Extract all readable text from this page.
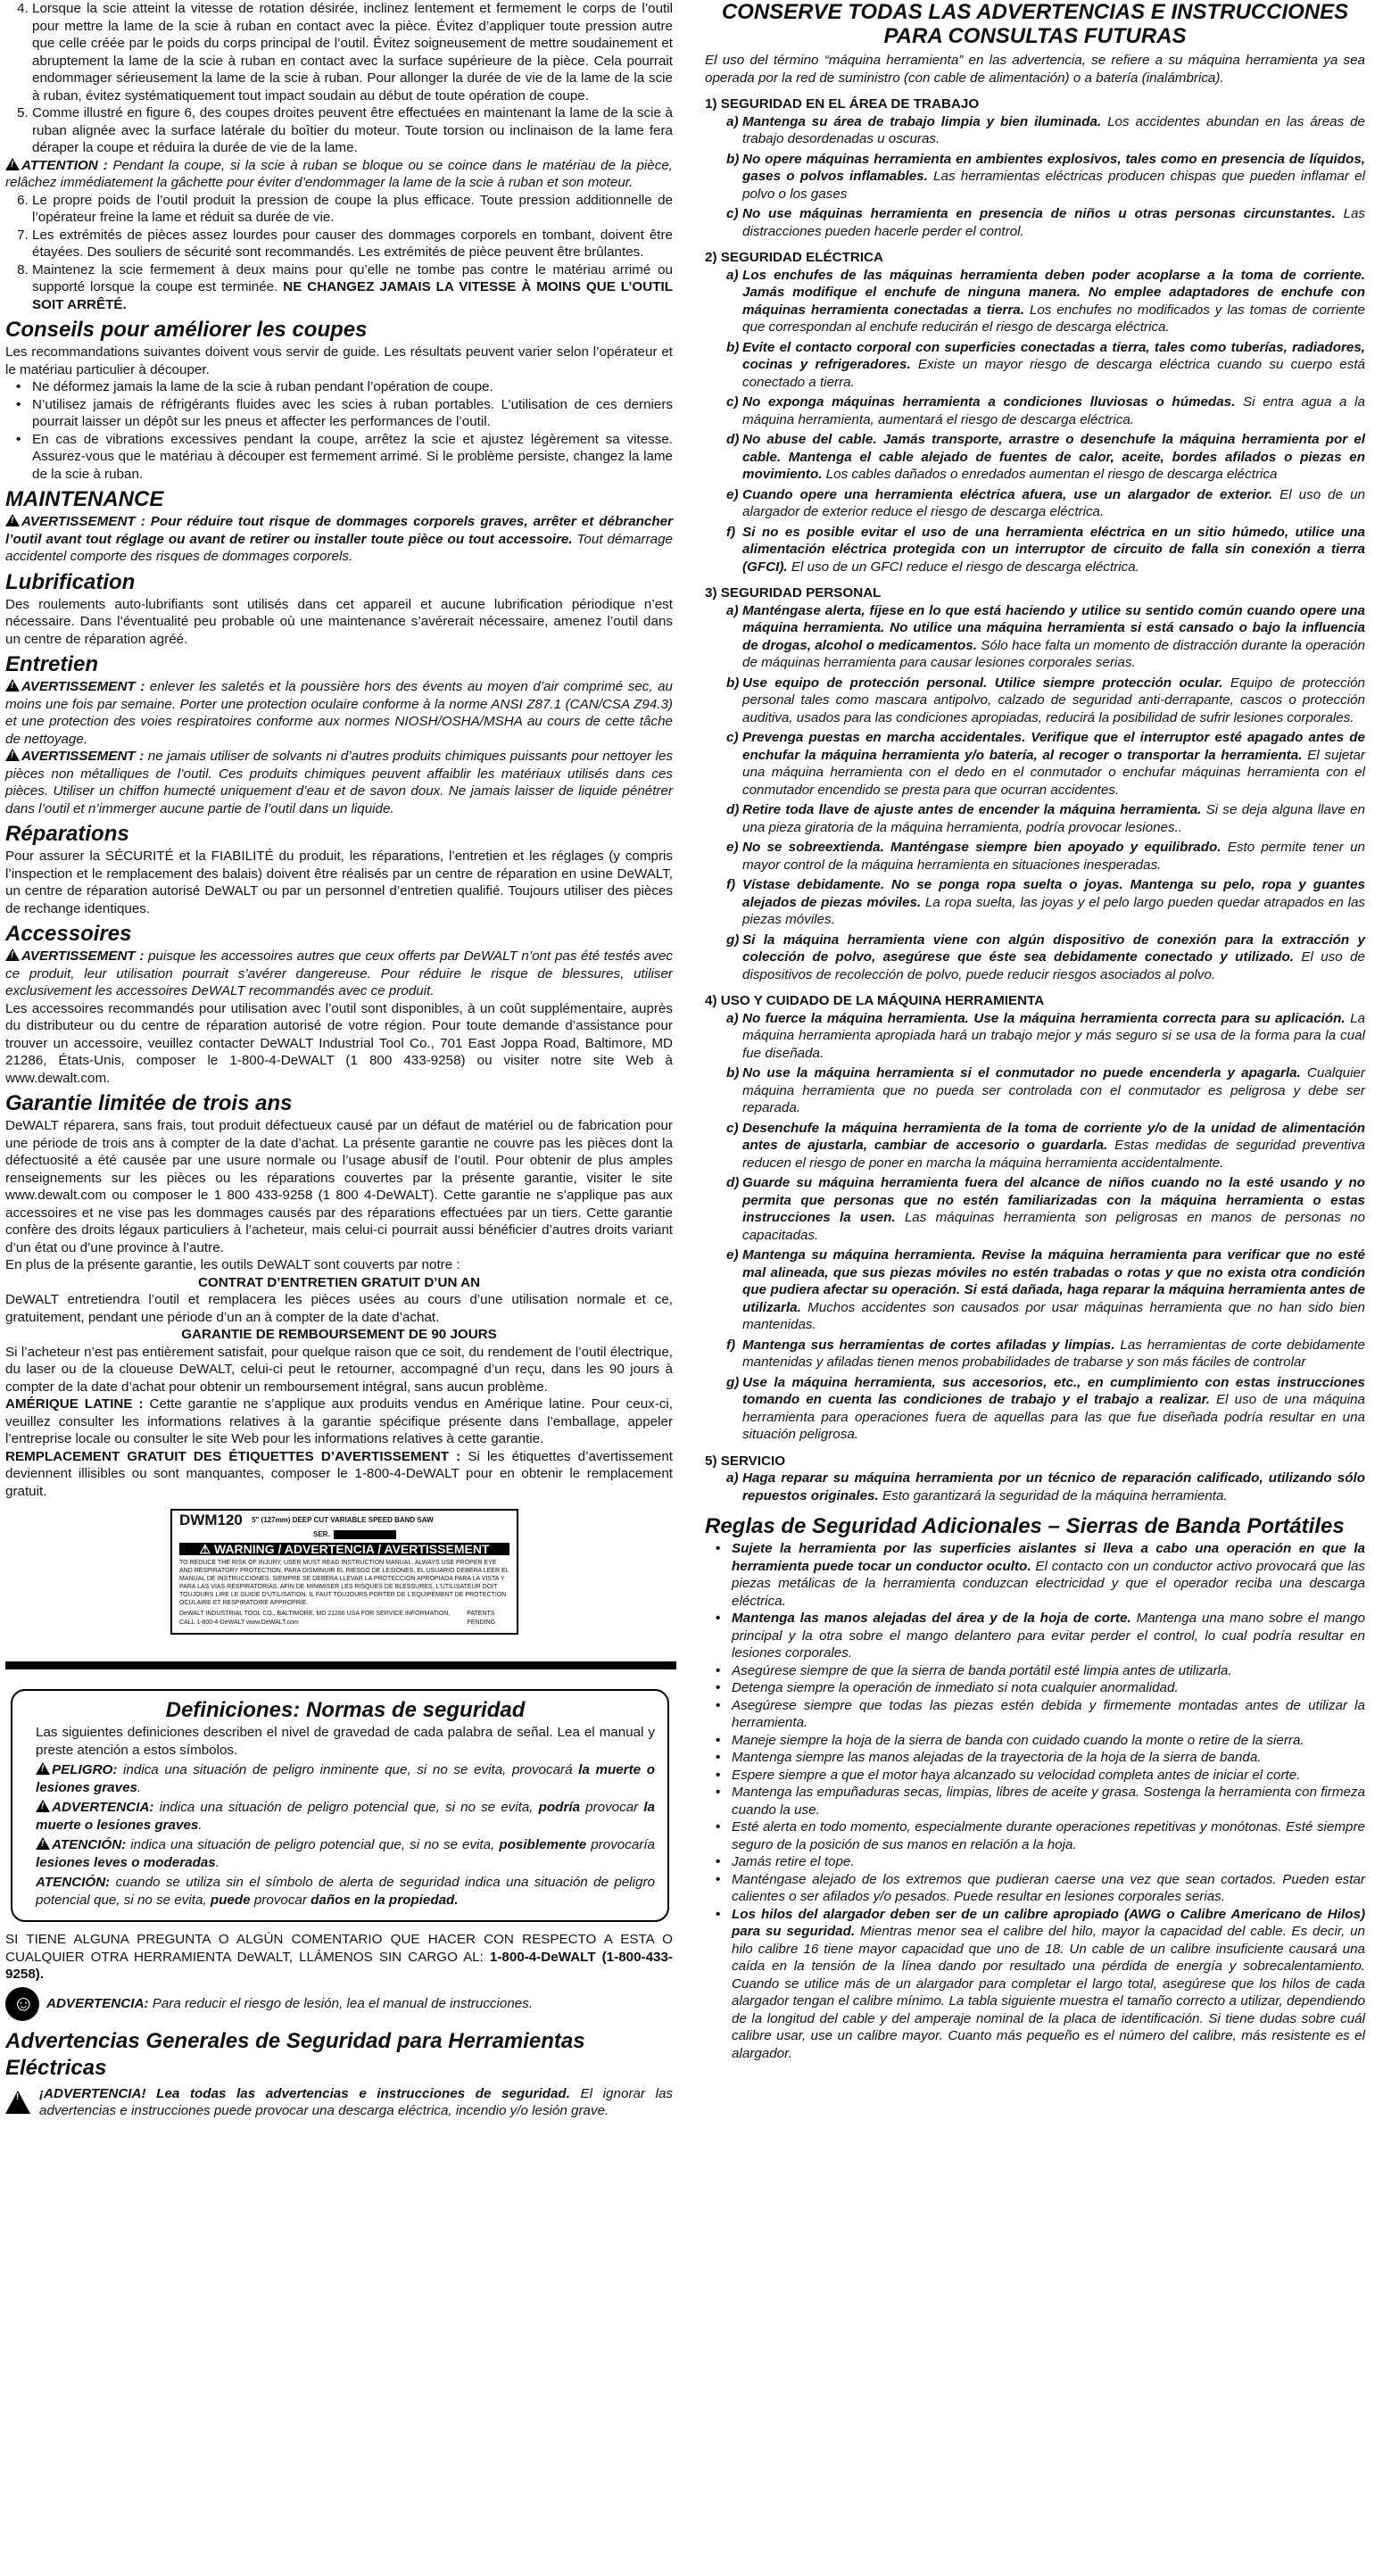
4. Lorsque la scie atteint la vitesse de rotation désirée, inclinez lentement et fermement le corps de l’outil pour mettre la lame de la scie à ruban en contact avec la pièce. Évitez d’appliquer toute pression autre que celle créée par le poids du corps principal de l’outil. Évitez soigneusement de mettre soudainement et abruptement la lame de la scie à ruban en contact avec la surface supérieure de la pièce. Cela pourrait endommager sérieusement la lame de la scie à ruban. Pour allonger la durée de vie de la lame de la scie à ruban, évitez systématiquement tout impact soudain au début de toute opération de coupe.
5. Comme illustré en figure 6, des coupes droites peuvent être effectuées en maintenant la lame de la scie à ruban alignée avec la surface latérale du boîtier du moteur. Toute torsion ou inclinaison de la lame fera déraper la coupe et réduira la durée de vie de la lame.

!ATTENTION : Pendant la coupe, si la scie à ruban se bloque ou se coince dans le matériau de la pièce, relâchez immédiatement la gâchette pour éviter d’endommager la lame de la scie à ruban et son moteur.

6. Le propre poids de l’outil produit la pression de coupe la plus efficace. Toute pression additionnelle de l’opérateur freine la lame et réduit sa durée de vie.
7. Les extrémités de pièces assez lourdes pour causer des dommages corporels en tombant, doivent être étayées. Des souliers de sécurité sont recommandés. Les extrémités de pièce peuvent être brûlantes.
8. Maintenez la scie fermement à deux mains pour qu’elle ne tombe pas contre le matériau arrimé ou supporté lorsque la coupe est terminée. NE CHANGEZ JAMAIS LA VITESSE À MOINS QUE L’OUTIL SOIT ARRÊTÉ.
Conseils pour améliorer les coupes

Les recommandations suivantes doivent vous servir de guide. Les résultats peuvent varier selon l’opérateur et le matériau particulier à découper.

• Ne déformez jamais la lame de la scie à ruban pendant l’opération de coupe.
• N’utilisez jamais de réfrigérants fluides avec les scies à ruban portables. L’utilisation de ces derniers pourrait laisser un dépôt sur les pneus et affecter les performances de l’outil.
• En cas de vibrations excessives pendant la coupe, arrêtez la scie et ajustez légèrement sa vitesse. Assurez-vous que le matériau à découper est fermement arrimé. Si le problème persiste, changez la lame de la scie à ruban.
MAINTENANCE

!AVERTISSEMENT : Pour réduire tout risque de dommages corporels graves, arrêter et débrancher l’outil avant tout réglage ou avant de retirer ou installer toute pièce ou tout accessoire. Tout démarrage accidentel comporte des risques de dommages corporels.

Lubrification

Des roulements auto-lubrifiants sont utilisés dans cet appareil et aucune lubrification périodique n’est nécessaire. Dans l’éventualité peu probable où une maintenance s’avérerait nécessaire, amenez l’outil dans un centre de réparation agréé.

Entretien

!AVERTISSEMENT : enlever les saletés et la poussière hors des évents au moyen d’air comprimé sec, au moins une fois par semaine. Porter une protection oculaire conforme à la norme ANSI Z87.1 (CAN/CSA Z94.3) et une protection des voies respiratoires conforme aux normes NIOSH/OSHA/MSHA au cours de cette tâche de nettoyage.

!AVERTISSEMENT : ne jamais utiliser de solvants ni d’autres produits chimiques puissants pour nettoyer les pièces non métalliques de l’outil. Ces produits chimiques peuvent affaiblir les matériaux utilisés dans ces pièces. Utiliser un chiffon humecté uniquement d’eau et de savon doux. Ne jamais laisser de liquide pénétrer dans l’outil et n’immerger aucune partie de l’outil dans un liquide.

Réparations

Pour assurer la SÉCURITÉ et la FIABILITÉ du produit, les réparations, l’entretien et les réglages (y compris l’inspection et le remplacement des balais) doivent être réalisés par un centre de réparation en usine DeWALT, un centre de réparation autorisé DeWALT ou par un personnel d’entretien qualifié. Toujours utiliser des pièces de rechange identiques.

Accessoires

!AVERTISSEMENT : puisque les accessoires autres que ceux offerts par DeWALT n’ont pas été testés avec ce produit, leur utilisation pourrait s’avérer dangereuse. Pour réduire le risque de blessures, utiliser exclusivement les accessoires DeWALT recommandés avec ce produit.

Les accessoires recommandés pour utilisation avec l’outil sont disponibles, à un coût supplémentaire, auprès du distributeur ou du centre de réparation autorisé de votre région. Pour toute demande d’assistance pour trouver un accessoire, veuillez contacter DeWALT Industrial Tool Co., 701 East Joppa Road, Baltimore, MD 21286, États-Unis, composer le 1-800-4-DeWALT (1 800 433-9258) ou visiter notre site Web à www.dewalt.com.

Garantie limitée de trois ans

DeWALT réparera, sans frais, tout produit défectueux causé par un défaut de matériel ou de fabrication pour une période de trois ans à compter de la date d’achat. La présente garantie ne couvre pas les pièces dont la défectuosité a été causée par une usure normale ou l’usage abusif de l’outil. Pour obtenir de plus amples renseignements sur les pièces ou les réparations couvertes par la présente garantie, visiter le site www.dewalt.com ou composer le 1 800 433-9258 (1 800 4-DeWALT). Cette garantie ne s’applique pas aux accessoires et ne vise pas les dommages causés par des réparations effectuées par un tiers. Cette garantie confère des droits légaux particuliers à l’acheteur, mais celui-ci pourrait aussi bénéficier d’autres droits variant d’un état ou d’une province à l’autre.

En plus de la présente garantie, les outils DeWALT sont couverts par notre :

CONTRAT D’ENTRETIEN GRATUIT D’UN AN

DeWALT entretiendra l’outil et remplacera les pièces usées au cours d’une utilisation normale et ce, gratuitement, pendant une période d’un an à compter de la date d’achat.

GARANTIE DE REMBOURSEMENT DE 90 JOURS

Si l’acheteur n’est pas entièrement satisfait, pour quelque raison que ce soit, du rendement de l’outil électrique, du laser ou de la cloueuse DeWALT, celui-ci peut le retourner, accompagné d’un reçu, dans les 90 jours à compter de la date d’achat pour obtenir un remboursement intégral, sans aucun problème.

AMÉRIQUE LATINE : Cette garantie ne s’applique aux produits vendus en Amérique latine. Pour ceux-ci, veuillez consulter les informations relatives à la garantie spécifique présente dans l’emballage, appeler l’entreprise locale ou consulter le site Web pour les informations relatives à cette garantie.

REMPLACEMENT GRATUIT DES ÉTIQUETTES D’AVERTISSEMENT : Si les étiquettes d’avertissement deviennent illisibles ou sont manquantes, composer le 1-800-4-DeWALT pour en obtenir le remplacement gratuit.

DWM120 5" (127mm) DEEP CUT VARIABLE SPEED BAND SAW
SER.
⚠ WARNING / ADVERTENCIA / AVERTISSEMENT
TO REDUCE THE RISK OF INJURY, USER MUST READ INSTRUCTION MANUAL. ALWAYS USE PROPER EYE AND RESPIRATORY PROTECTION. PARA DISMINUIR EL RIESGO DE LESIONES, EL USUARIO DEBERA LEER EL MANUAL DE INSTRUCCIONES. SIEMPRE SE DEBERA LLEVAR LA PROTECCION APROPIADA PARA LA VISTA Y PARA LAS VIAS RESPIRATORIAS. AFIN DE MINIMISER LES RISQUES DE BLESSURES, L'UTILISATEUR DOIT TOUJOURS LIRE LE GUIDE D'UTILISATION. IL FAUT TOUJOURS PORTER DE L'EQUIPEMENT DE PROTECTION OCULAIRE ET RESPIRATOIRE APPROPRIE.
DeWALT INDUSTRIAL TOOL CO., BALTIMORE, MD 21286 USA FOR SERVICE INFORMATION, CALL 1-800-4-DeWALT www.DeWALT.com
PATENTS PENDING
Definiciones: Normas de seguridad

Las siguientes definiciones describen el nivel de gravedad de cada palabra de señal. Lea el manual y preste atención a estos símbolos.

!PELIGRO: indica una situación de peligro inminente que, si no se evita, provocará la muerte o lesiones graves.

!ADVERTENCIA: indica una situación de peligro potencial que, si no se evita, podría provocar la muerte o lesiones graves.

!ATENCIÓN: indica una situación de peligro potencial que, si no se evita, posiblemente provocaría lesiones leves o moderadas.

ATENCIÓN: cuando se utiliza sin el símbolo de alerta de seguridad indica una situación de peligro potencial que, si no se evita, puede provocar daños en la propiedad.

SI TIENE ALGUNA PREGUNTA O ALGÚN COMENTARIO QUE HACER CON RESPECTO A ESTA O CUALQUIER OTRA HERRAMIENTA DeWALT, LLÁMENOS SIN CARGO AL: 1-800-4-DeWALT (1-800-433-9258).

☺

ADVERTENCIA: Para reducir el riesgo de lesión, lea el manual de instrucciones.

Advertencias Generales de Seguridad para Herramientas Eléctricas
!

¡ADVERTENCIA! Lea todas las advertencias e instrucciones de seguridad. El ignorar las advertencias e instrucciones puede provocar una descarga eléctrica, incendio y/o lesión grave.

CONSERVE TODAS LAS ADVERTENCIAS E INSTRUCCIONES PARA CONSULTAS FUTURAS

El uso del término “máquina herramienta” en las advertencia, se refiere a su máquina herramienta ya sea operada por la red de suministro (con cable de alimentación) o a batería (inalámbrica).

1) SEGURIDAD EN EL ÁREA DE TRABAJO
a) Mantenga su área de trabajo limpia y bien iluminada. Los accidentes abundan en las áreas de trabajo desordenadas u oscuras.
b) No opere máquinas herramienta en ambientes explosivos, tales como en presencia de líquidos, gases o polvos inflamables. Las herramientas eléctricas producen chispas que pueden inflamar el polvo o los gases
c) No use máquinas herramienta en presencia de niños u otras personas circunstantes. Las distracciones pueden hacerle perder el control.
2) SEGURIDAD ELÉCTRICA
a) Los enchufes de las máquinas herramienta deben poder acoplarse a la toma de corriente. Jamás modifique el enchufe de ninguna manera. No emplee adaptadores de enchufe con máquinas herramienta conectadas a tierra. Los enchufes no modificados y las tomas de corriente que correspondan al enchufe reducirán el riesgo de descarga eléctrica.
b) Evite el contacto corporal con superficies conectadas a tierra, tales como tuberías, radiadores, cocinas y refrigeradores. Existe un mayor riesgo de descarga eléctrica cuando su cuerpo está conectado a tierra.
c) No exponga máquinas herramienta a condiciones lluviosas o húmedas. Si entra agua a la máquina herramienta, aumentará el riesgo de descarga eléctrica.
d) No abuse del cable. Jamás transporte, arrastre o desenchufe la máquina herramienta por el cable. Mantenga el cable alejado de fuentes de calor, aceite, bordes afilados o piezas en movimiento. Los cables dañados o enredados aumentan el riesgo de descarga eléctrica
e) Cuando opere una herramienta eléctrica afuera, use un alargador de exterior. El uso de un alargador de exterior reduce el riesgo de descarga eléctrica.
f) Si no es posible evitar el uso de una herramienta eléctrica en un sitio húmedo, utilice una alimentación eléctrica protegida con un interruptor de circuito de falla sin conexión a tierra (GFCI). El uso de un GFCI reduce el riesgo de descarga eléctrica.
3) SEGURIDAD PERSONAL
a) Manténgase alerta, fíjese en lo que está haciendo y utilice su sentido común cuando opere una máquina herramienta. No utilice una máquina herramienta si está cansado o bajo la influencia de drogas, alcohol o medicamentos. Sólo hace falta un momento de distracción durante la operación de máquinas herramienta para causar lesiones corporales serias.
b) Use equipo de protección personal. Utilice siempre protección ocular. Equipo de protección personal tales como mascara antipolvo, calzado de seguridad anti-derrapante, cascos o protección auditiva, usados para las condiciones apropiadas, reducirá la posibilidad de sufrir lesiones corporales.
c) Prevenga puestas en marcha accidentales. Verifique que el interruptor esté apagado antes de enchufar la máquina herramienta y/o batería, al recoger o transportar la herramienta. El sujetar una máquina herramienta con el dedo en el conmutador o enchufar máquinas herramienta con el conmutador encendido se presta para que ocurran accidentes.
d) Retire toda llave de ajuste antes de encender la máquina herramienta. Si se deja alguna llave en una pieza giratoria de la máquina herramienta, podría provocar lesiones..
e) No se sobreextienda. Manténgase siempre bien apoyado y equilibrado. Esto permite tener un mayor control de la máquina herramienta en situaciones inesperadas.
f) Vístase debidamente. No se ponga ropa suelta o joyas. Mantenga su pelo, ropa y guantes alejados de piezas móviles. La ropa suelta, las joyas y el pelo largo pueden quedar atrapados en las piezas móviles.
g) Si la máquina herramienta viene con algún dispositivo de conexión para la extracción y colección de polvo, asegúrese que éste sea debidamente conectado y utilizado. El uso de dispositivos de recolección de polvo, puede reducir riesgos asociados al polvo.
4) USO Y CUIDADO DE LA MÁQUINA HERRAMIENTA
a) No fuerce la máquina herramienta. Use la máquina herramienta correcta para su aplicación. La máquina herramienta apropiada hará un trabajo mejor y más seguro si se usa de la forma para la cual fue diseñada.
b) No use la máquina herramienta si el conmutador no puede encenderla y apagarla. Cualquier máquina herramienta que no pueda ser controlada con el conmutador es peligrosa y debe ser reparada.
c) Desenchufe la máquina herramienta de la toma de corriente y/o de la unidad de alimentación antes de ajustarla, cambiar de accesorio o guardarla. Estas medidas de seguridad preventiva reducen el riesgo de poner en marcha la máquina herramienta accidentalmente.
d) Guarde su máquina herramienta fuera del alcance de niños cuando no la esté usando y no permita que personas que no estén familiarizadas con la máquina herramienta o estas instrucciones la usen. Las máquinas herramienta son peligrosas en manos de personas no capacitadas.
e) Mantenga su máquina herramienta. Revise la máquina herramienta para verificar que no esté mal alineada, que sus piezas móviles no estén trabadas o rotas y que no exista otra condición que pudiera afectar su operación. Si está dañada, haga reparar la máquina herramienta antes de utilizarla. Muchos accidentes son causados por usar máquinas herramienta que no han sido bien mantenidas.
f) Mantenga sus herramientas de cortes afiladas y limpias. Las herramientas de corte debidamente mantenidas y afiladas tienen menos probabilidades de trabarse y son más fáciles de controlar
g) Use la máquina herramienta, sus accesorios, etc., en cumplimiento con estas instrucciones tomando en cuenta las condiciones de trabajo y el trabajo a realizar. El uso de una máquina herramienta para operaciones fuera de aquellas para las que fue diseñada podría resultar en una situación peligrosa.
5) SERVICIO
a) Haga reparar su máquina herramienta por un técnico de reparación calificado, utilizando sólo repuestos originales. Esto garantizará la seguridad de la máquina herramienta.
Reglas de Seguridad Adicionales – Sierras de Banda Portátiles
• Sujete la herramienta por las superficies aislantes si lleva a cabo una operación en que la herramienta puede tocar un conductor oculto. El contacto con un conductor activo provocará que las piezas metálicas de la herramienta conduzcan electricidad y que el operador reciba una descarga eléctrica.
• Mantenga las manos alejadas del área y de la hoja de corte. Mantenga una mano sobre el mango principal y la otra sobre el mango delantero para evitar perder el control, lo cual podría resultar en lesiones corporales.
• Asegúrese siempre de que la sierra de banda portátil esté limpia antes de utilizarla.
• Detenga siempre la operación de inmediato si nota cualquier anormalidad.
• Asegúrese siempre que todas las piezas estén debida y firmemente montadas antes de utilizar la herramienta.
• Maneje siempre la hoja de la sierra de banda con cuidado cuando la monte o retire de la sierra.
• Mantenga siempre las manos alejadas de la trayectoria de la hoja de la sierra de banda.
• Espere siempre a que el motor haya alcanzado su velocidad completa antes de iniciar el corte.
• Mantenga las empuñaduras secas, limpias, libres de aceite y grasa. Sostenga la herramienta con firmeza cuando la use.
• Esté alerta en todo momento, especialmente durante operaciones repetitivas y monótonas. Esté siempre seguro de la posición de sus manos en relación a la hoja.
• Jamás retire el tope.
• Manténgase alejado de los extremos que pudieran caerse una vez que sean cortados. Pueden estar calientes o ser afilados y/o pesados. Puede resultar en lesiones corporales serias.
• Los hilos del alargador deben ser de un calibre apropiado (AWG o Calibre Americano de Hilos) para su seguridad. Mientras menor sea el calibre del hilo, mayor la capacidad del cable. Es decir, un hilo calibre 16 tiene mayor capacidad que uno de 18. Un cable de un calibre insuficiente causará una caída en la tensión de la línea dando por resultado una pérdida de energía y sobrecalentamiento. Cuando se utilice más de un alargador para completar el largo total, asegúrese que los hilos de cada alargador tengan el calibre mínimo. La tabla siguiente muestra el tamaño correcto a utilizar, dependiendo de la longitud del cable y del amperaje nominal de la placa de identificación. Si tiene dudas sobre cuál calibre usar, use un calibre mayor. Cuanto más pequeño es el número del calibre, más resistente es el alargador.
